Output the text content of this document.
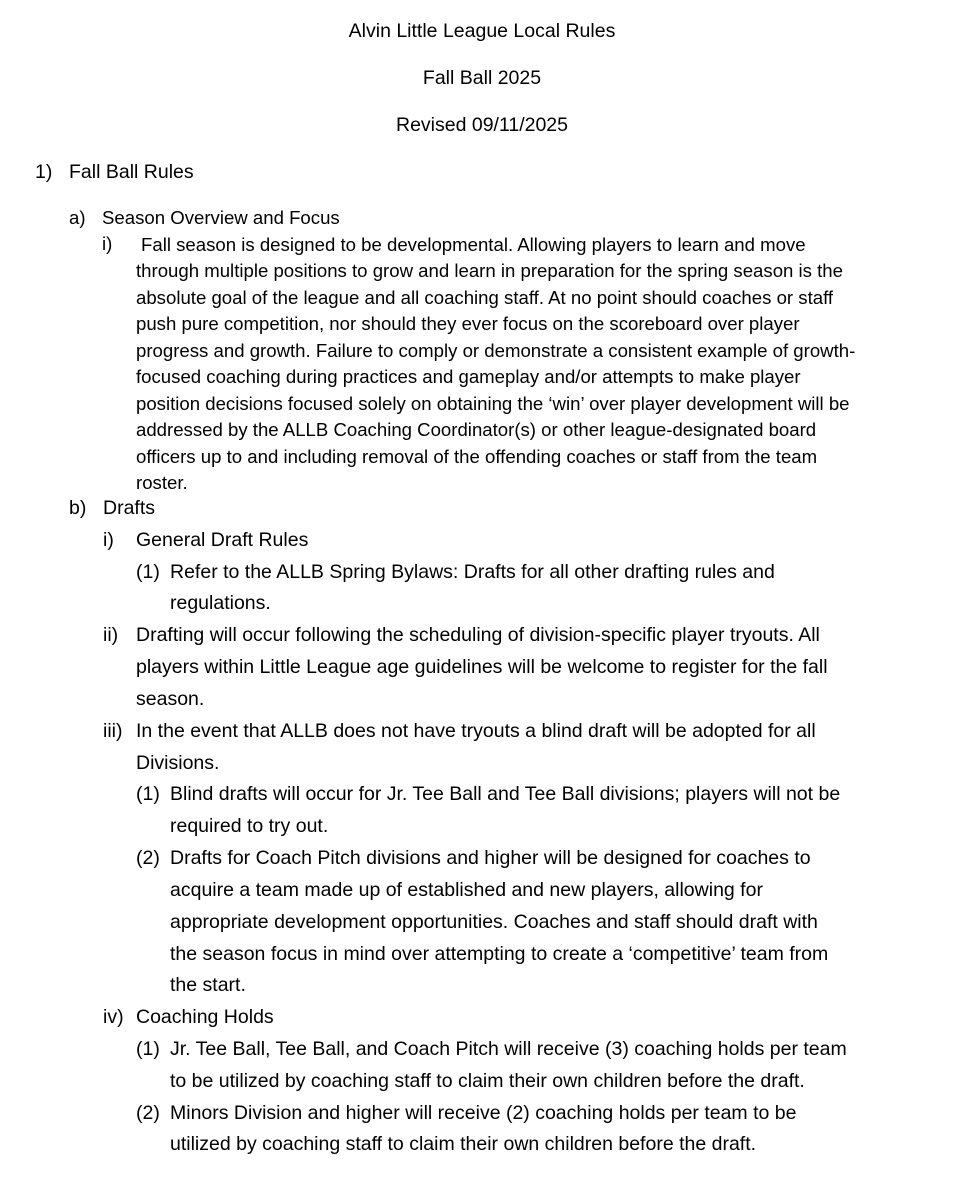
Alvin Little League Local Rules
Fall Ball 2025
Revised 09/11/2025
1) Fall Ball Rules
a) Season Overview and Focus
i) Fall season is designed to be developmental. Allowing players to learn and move
through multiple positions to grow and learn in preparation for the spring season is the
absolute goal of the league and all coaching staff. At no point should coaches or staff
push pure competition, nor should they ever focus on the scoreboard over player
progress and growth. Failure to comply or demonstrate a consistent example of growth-
focused coaching during practices and gameplay and/or attempts to make player
position decisions focused solely on obtaining the ‘win’ over player development will be
addressed by the ALLB Coaching Coordinator(s) or other league-designated board
officers up to and including removal of the offending coaches or staff from the team
roster.
b) Drafts
i) General Draft Rules
(1) Refer to the ALLB Spring Bylaws: Drafts for all other drafting rules and
regulations.
ii) Drafting will occur following the scheduling of division-specific player tryouts. All
players within Little League age guidelines will be welcome to register for the fall
season.
iii) In the event that ALLB does not have tryouts a blind draft will be adopted for all
Divisions.
(1) Blind drafts will occur for Jr. Tee Ball and Tee Ball divisions; players will not be
required to try out.
(2) Drafts for Coach Pitch divisions and higher will be designed for coaches to
acquire a team made up of established and new players, allowing for
appropriate development opportunities. Coaches and staff should draft with
the season focus in mind over attempting to create a ‘competitive’ team from
the start.
iv) Coaching Holds
(1) Jr. Tee Ball, Tee Ball, and Coach Pitch will receive (3) coaching holds per team
to be utilized by coaching staff to claim their own children before the draft.
(2) Minors Division and higher will receive (2) coaching holds per team to be
utilized by coaching staff to claim their own children before the draft.
